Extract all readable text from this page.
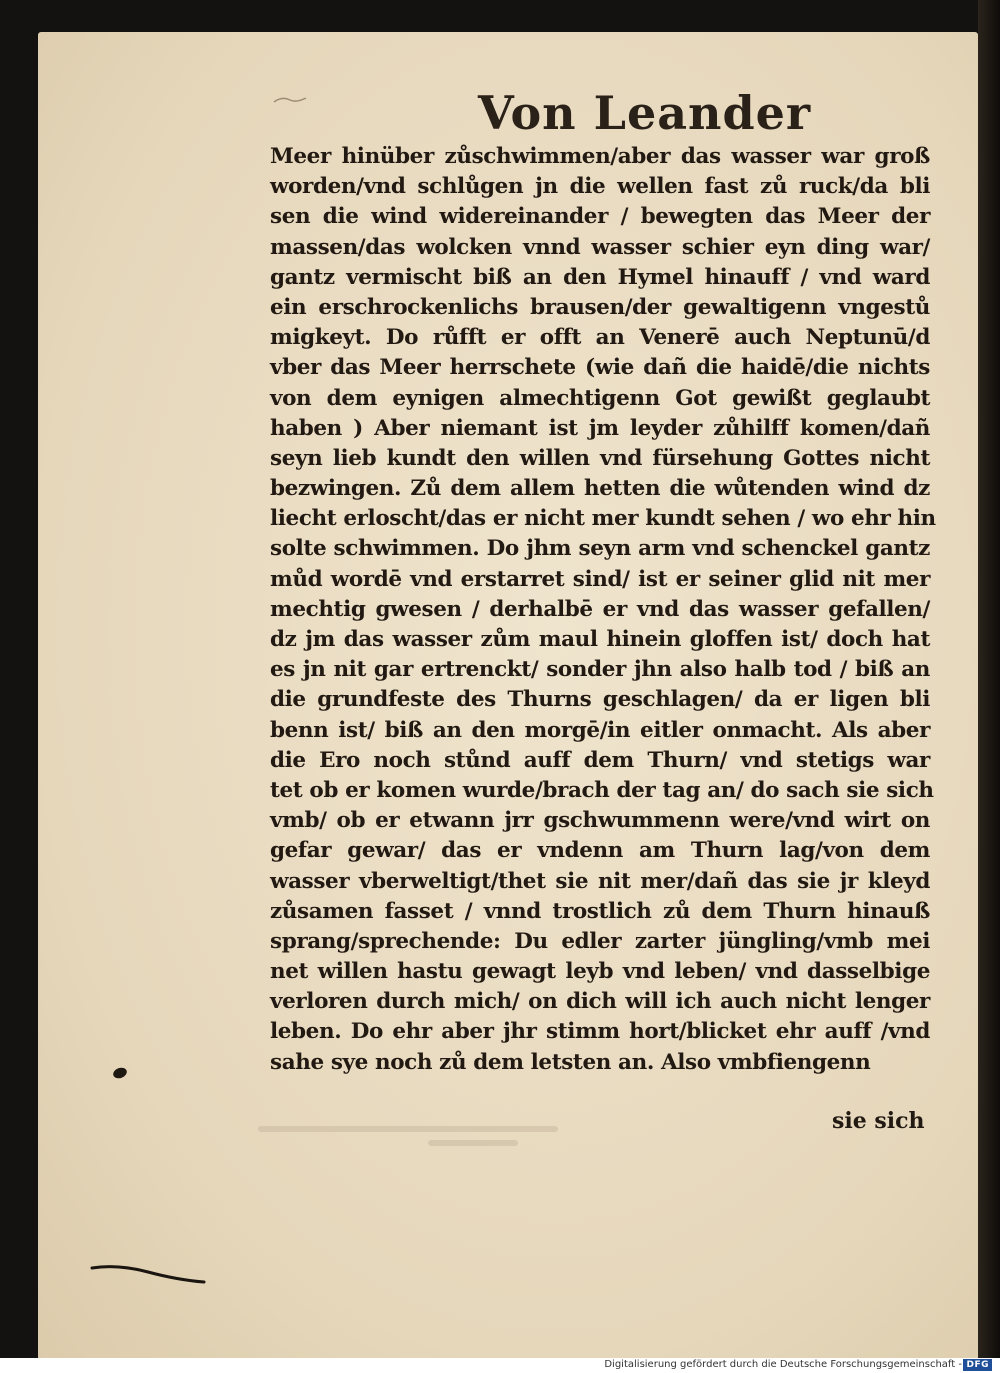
Von Leander
Meer hinüber zůschwimmen/aber das wasser war groß
worden/vnd schlůgen jn die wellen fast zů ruck/da bli
sen die wind widereinander / bewegten das Meer der
massen/das wolcken vnnd wasser schier eyn ding war/
gantz vermischt biß an den Hymel hinauff / vnd ward
ein erschrockenlichs brausen/der gewaltigenn vngestů
migkeyt. Do růfft er offt an Venerē auch Neptunū/d
vber das Meer herrschete (wie dañ die haidē/die nichts
von dem eynigen almechtigenn Got gewißt geglaubt
haben ) Aber niemant ist jm leyder zůhilff komen/dañ
seyn lieb kundt den willen vnd fürsehung Gottes nicht
bezwingen. Zů dem allem hetten die wůtenden wind dz
liecht erloscht/das er nicht mer kundt sehen / wo ehr hin
solte schwimmen. Do jhm seyn arm vnd schenckel gantz
můd wordē vnd erstarret sind/ ist er seiner glid nit mer
mechtig gwesen / derhalbē er vnd das wasser gefallen/
dz jm das wasser zům maul hinein gloffen ist/ doch hat
es jn nit gar ertrenckt/ sonder jhn also halb tod / biß an
die grundfeste des Thurns geschlagen/ da er ligen bli
benn ist/ biß an den morgē/in eitler onmacht. Als aber
die Ero noch stůnd auff dem Thurn/ vnd stetigs war
tet ob er komen wurde/brach der tag an/ do sach sie sich
vmb/ ob er etwann jrr gschwummenn were/vnd wirt on
gefar gewar/ das er vndenn am Thurn lag/von dem
wasser vberweltigt/thet sie nit mer/dañ das sie jr kleyd
zůsamen fasset / vnnd trostlich zů dem Thurn hinauß
sprang/sprechende: Du edler zarter jüngling/vmb mei
net willen hastu gewagt leyb vnd leben/ vnd dasselbige
verloren durch mich/ on dich will ich auch nicht lenger
leben. Do ehr aber jhr stimm hort/blicket ehr auff /vnd
sahe sye noch zů dem letsten an. Also vmbfiengenn
sie sich
Digitalisierung gefördert durch die Deutsche Forschungsgemeinschaft - DFG
